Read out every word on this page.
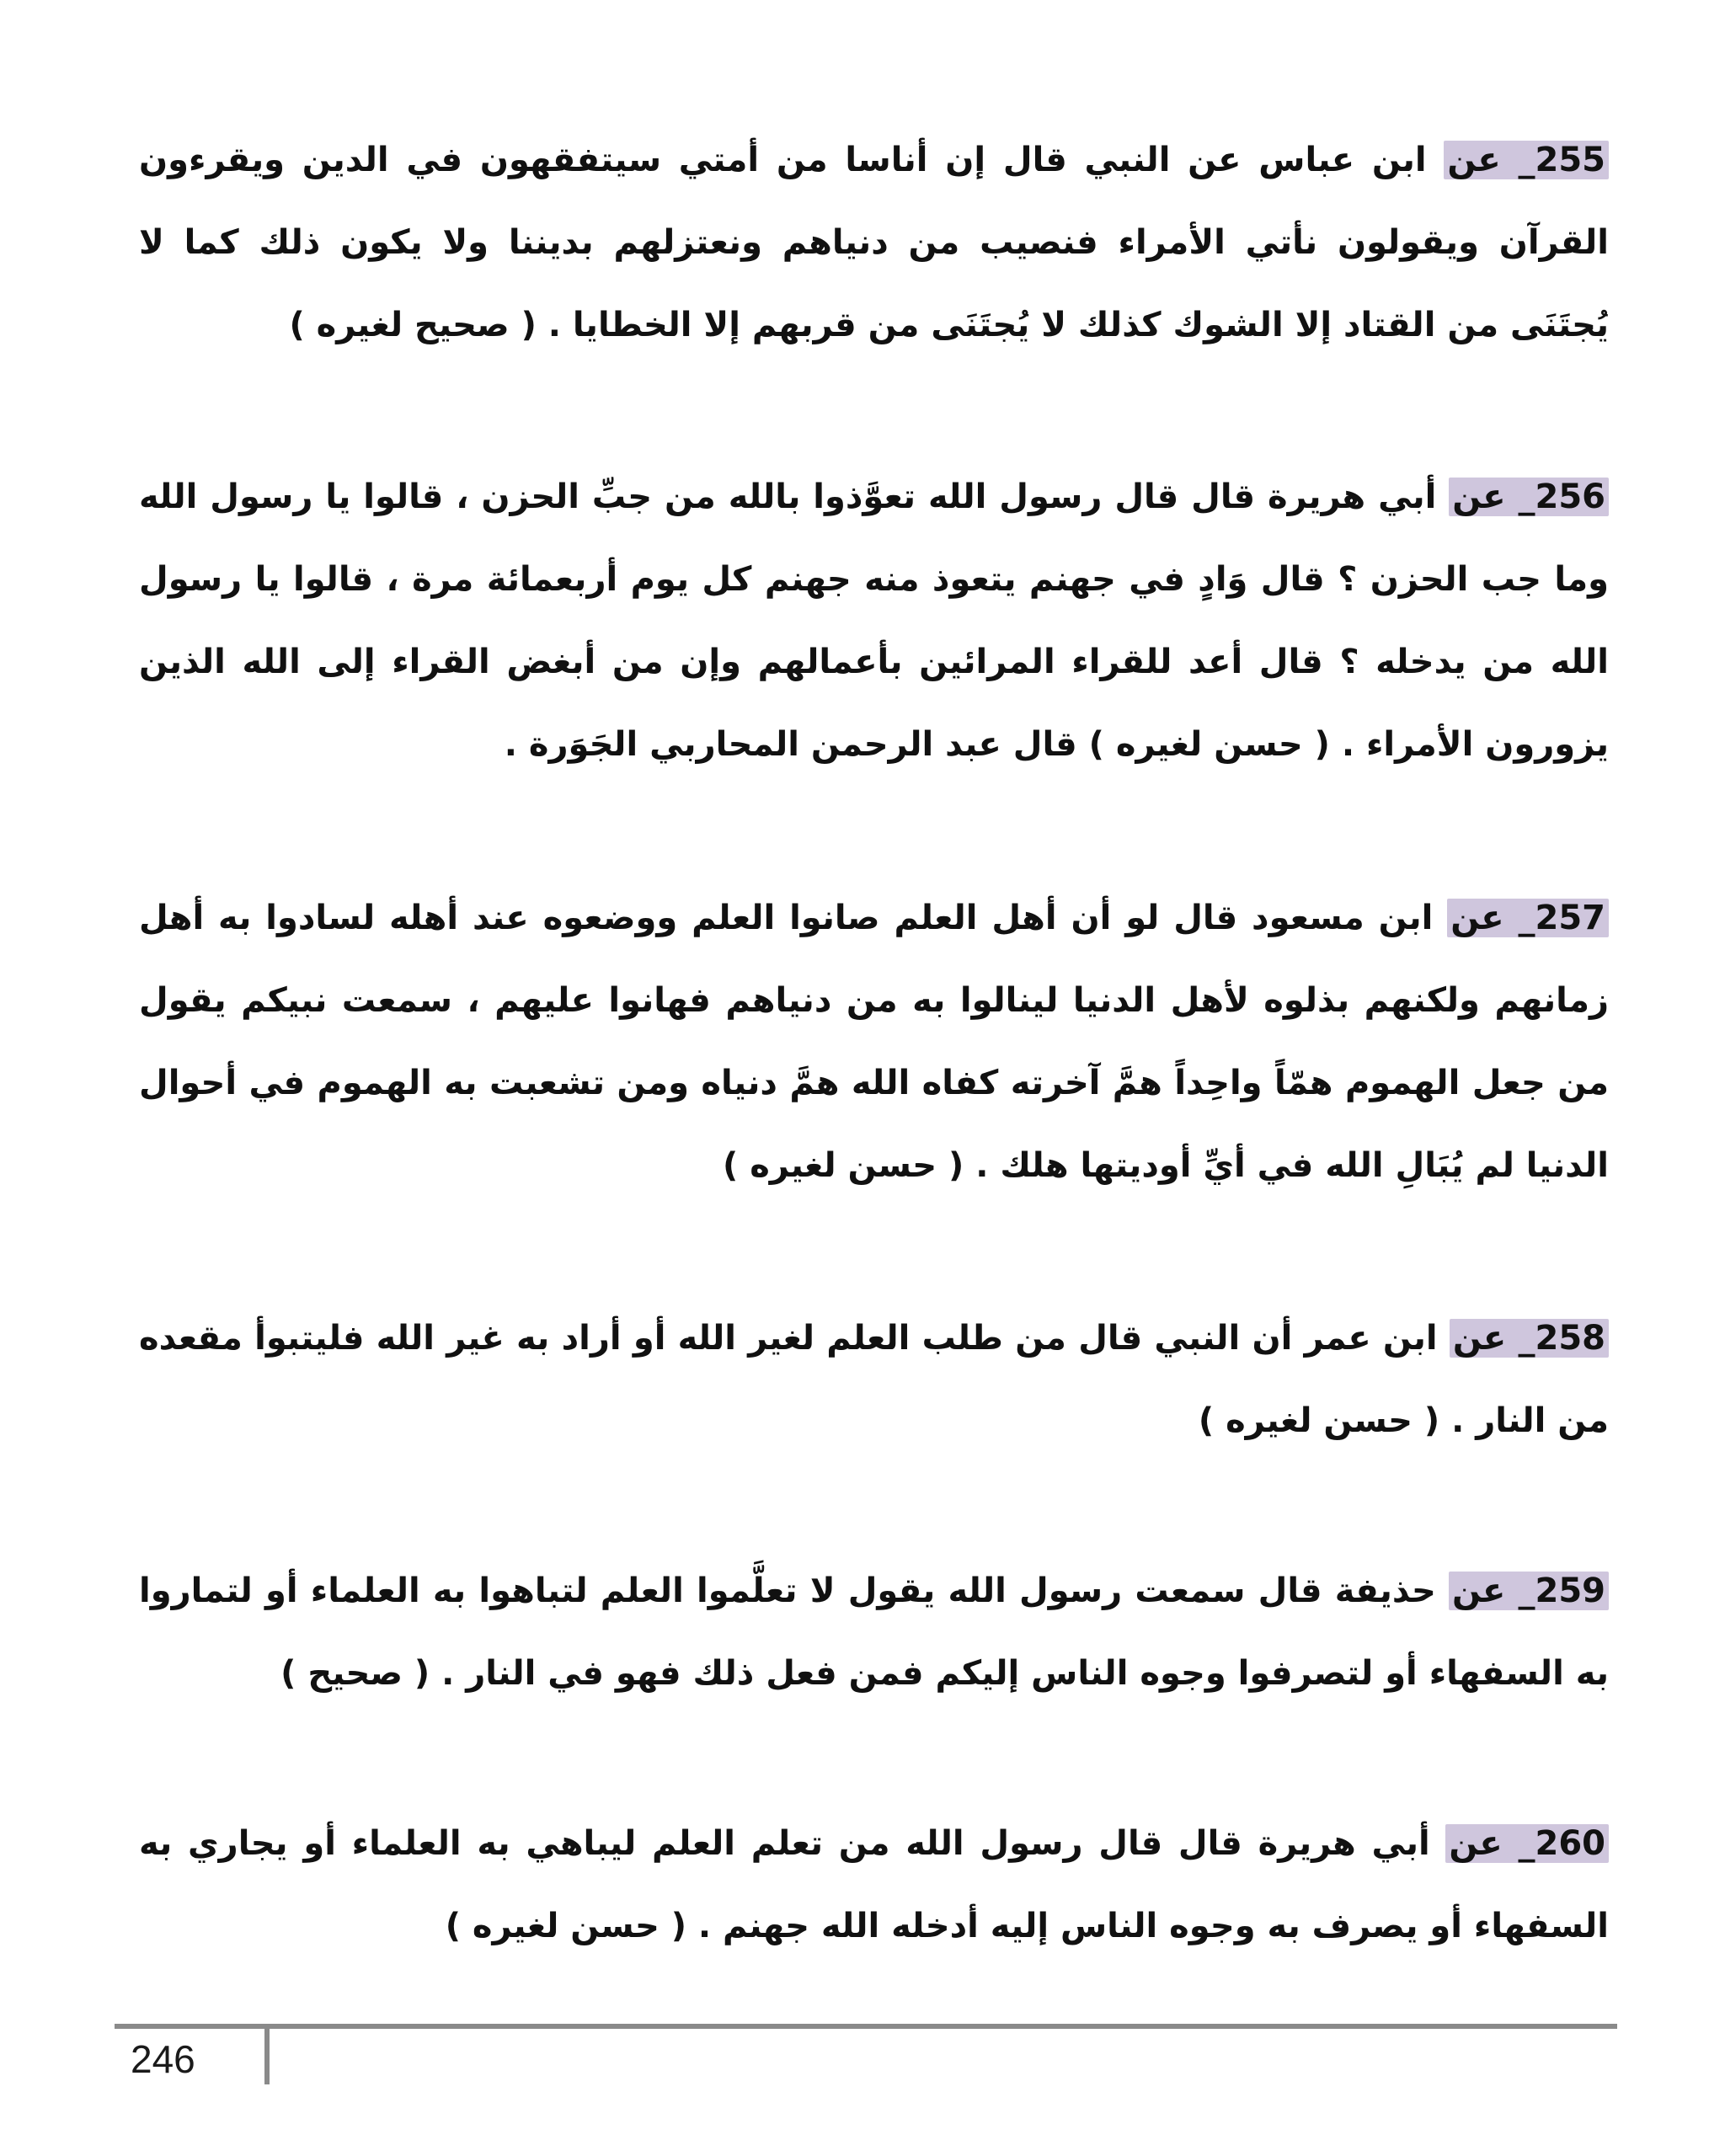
255_ عن ابن عباس عن النبي قال إن أناسا من أمتي سيتفقهون في الدين ويقرءون القرآن ويقولون نأتي الأمراء فنصيب من دنياهم ونعتزلهم بديننا ولا يكون ذلك كما لا يُجتَنَى من القتاد إلا الشوك كذلك لا يُجتَنَى من قربهم إلا الخطايا . ( صحيح لغيره )

256_ عن أبي هريرة قال قال رسول الله تعوَّذوا بالله من جبِّ الحزن ، قالوا يا رسول الله وما جب الحزن ؟ قال وَادٍ في جهنم يتعوذ منه جهنم كل يوم أربعمائة مرة ، قالوا يا رسول الله من يدخله ؟ قال أعد للقراء المرائين بأعمالهم وإن من أبغض القراء إلى الله الذين يزورون الأمراء . ( حسن لغيره ) قال عبد الرحمن المحاربي الجَوَرة .

257_ عن ابن مسعود قال لو أن أهل العلم صانوا العلم ووضعوه عند أهله لسادوا به أهل زمانهم ولكنهم بذلوه لأهل الدنيا لينالوا به من دنياهم فهانوا عليهم ، سمعت نبيكم يقول من جعل الهموم همّاً واحِداً همَّ آخرته كفاه الله همَّ دنياه ومن تشعبت به الهموم في أحوال الدنيا لم يُبَالِ الله في أيِّ أوديتها هلك . ( حسن لغيره )

258_ عن ابن عمر أن النبي قال من طلب العلم لغير الله أو أراد به غير الله فليتبوأ مقعده من النار . ( حسن لغيره )

259_ عن حذيفة قال سمعت رسول الله يقول لا تعلَّموا العلم لتباهوا به العلماء أو لتماروا به السفهاء أو لتصرفوا وجوه الناس إليكم فمن فعل ذلك فهو في النار . ( صحيح )

260_ عن أبي هريرة قال قال رسول الله من تعلم العلم ليباهي به العلماء أو يجاري به السفهاء أو يصرف به وجوه الناس إليه أدخله الله جهنم . ( حسن لغيره )

246
